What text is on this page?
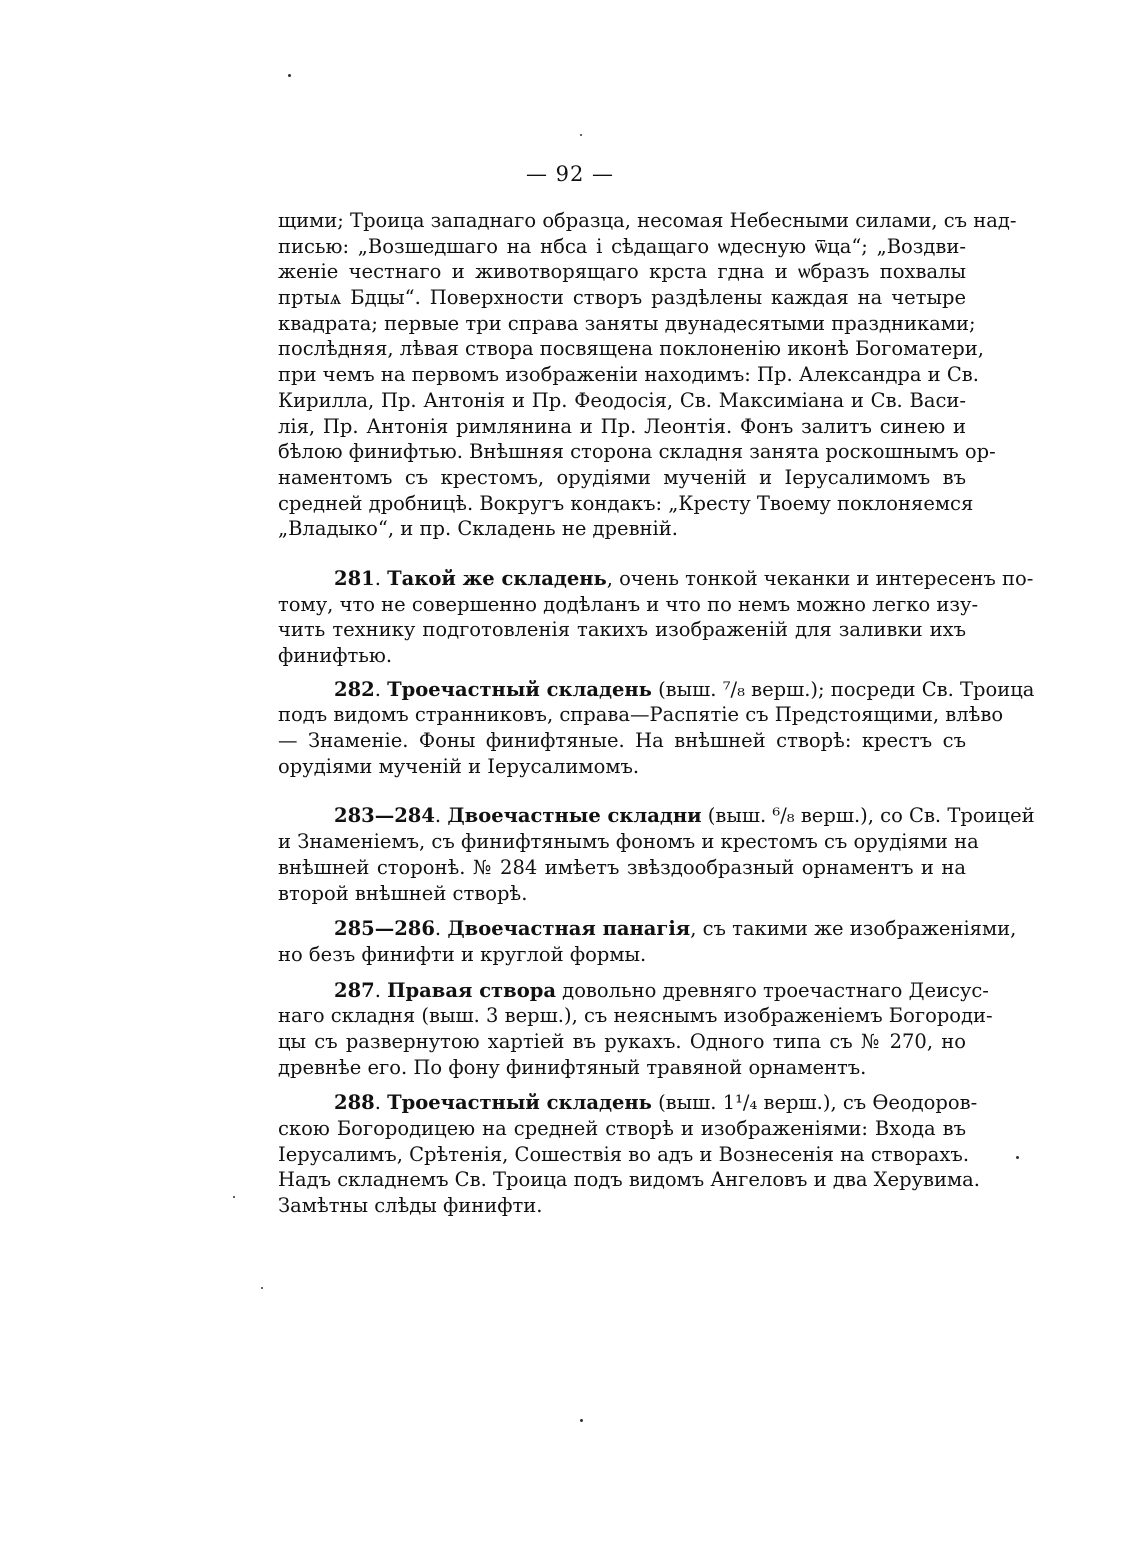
— 92 —
щими; Троица западнаго образца, несомая Небесными силами, съ над-
писью: „Возшедшаго на нбса і сѣдащаго ѡдесную ѿца“; „Воздви-
женіе честнаго и животворящаго крста гдна и ѡбразъ похвалы
пртыѧ Бдцы“. Поверхности створъ раздѣлены каждая на четыре
квадрата; первые три справа заняты двунадесятыми праздниками;
послѣдняя, лѣвая створа посвящена поклоненію иконѣ Богоматери,
при чемъ на первомъ изображеніи находимъ: Пр. Александра и Св.
Кирилла, Пр. Антонія и Пр. Феодосія, Св. Максиміана и Св. Васи-
лія, Пр. Антонія римлянина и Пр. Леонтія. Фонъ залитъ синею и
бѣлою финифтью. Внѣшняя сторона складня занята роскошнымъ ор-
наментомъ съ крестомъ, орудіями мученій и Іерусалимомъ въ
средней дробницѣ. Вокругъ кондакъ: „Кресту Твоему поклоняемся
„Владыко“, и пр. Складень не древній.
281. Такой же складень, очень тонкой чеканки и интересенъ по-
тому, что не совершенно додѣланъ и что по немъ можно легко изу-
чить технику подготовленія такихъ изображеній для заливки ихъ
финифтью.
282. Троечастный складень (выш. ⁷/₈ верш.); посреди Св. Троица
подъ видомъ странниковъ, справа—Распятіе съ Предстоящими, влѣво
— Знаменіе. Фоны финифтяные. На внѣшней створѣ: крестъ съ
орудіями мученій и Іерусалимомъ.
283—284. Двоечастные складни (выш. ⁶/₈ верш.), со Св. Троицей
и Знаменіемъ, съ финифтянымъ фономъ и крестомъ съ орудіями на
внѣшней сторонѣ. № 284 имѣетъ звѣздообразный орнаментъ и на
второй внѣшней створѣ.
285—286. Двоечастная панагія, съ такими же изображеніями,
но безъ финифти и круглой формы.
287. Правая створа довольно древняго троечастнаго Деисус-
наго складня (выш. 3 верш.), съ неяснымъ изображеніемъ Богороди-
цы съ развернутою хартіей въ рукахъ. Одного типа съ № 270, но
древнѣе его. По фону финифтяный травяной орнаментъ.
288. Троечастный складень (выш. 1¹/₄ верш.), съ Ѳеодоров-
скою Богородицею на средней створѣ и изображеніями: Входа въ
Іерусалимъ, Срѣтенія, Сошествія во адъ и Вознесенія на створахъ.
Надъ складнемъ Св. Троица подъ видомъ Ангеловъ и два Херувима.
Замѣтны слѣды финифти.
